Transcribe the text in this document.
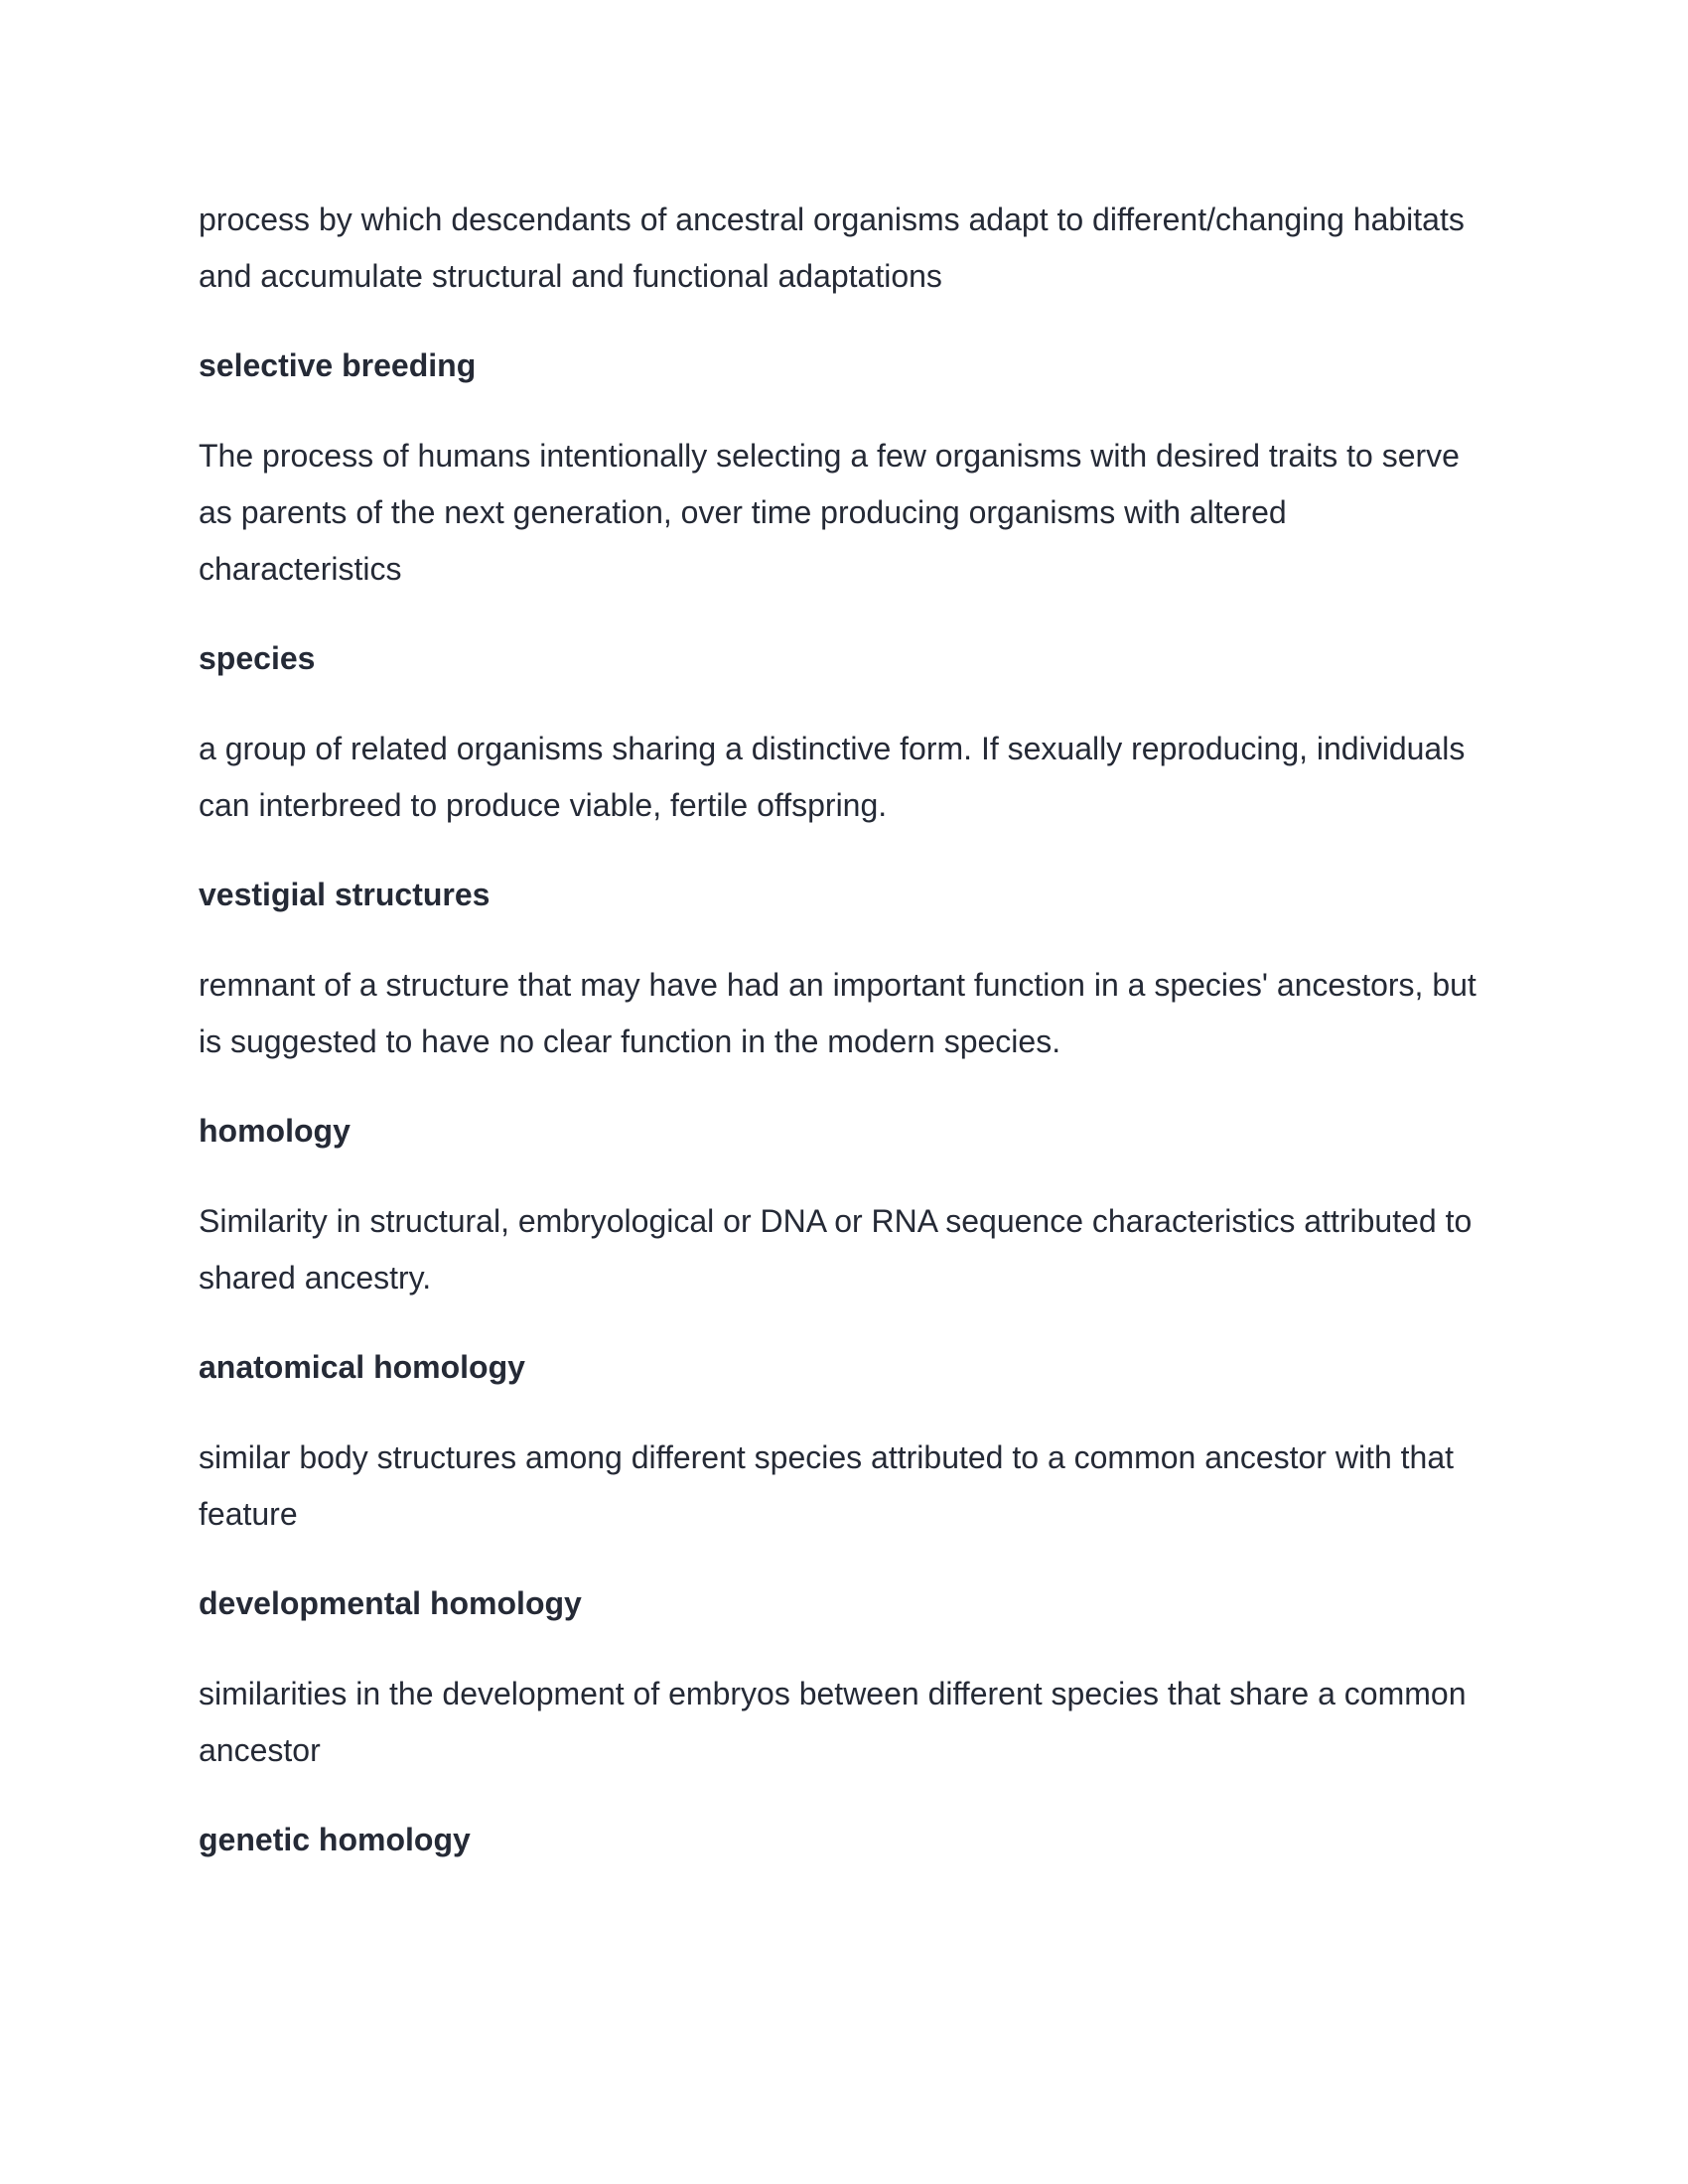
process by which descendants of ancestral organisms adapt to different/changing habitats and accumulate structural and functional adaptations

selective breeding

The process of humans intentionally selecting a few organisms with desired traits to serve as parents of the next generation, over time producing organisms with altered characteristics

species

a group of related organisms sharing a distinctive form. If sexually reproducing, individuals can interbreed to produce viable, fertile offspring.

vestigial structures

remnant of a structure that may have had an important function in a species' ancestors, but is suggested to have no clear function in the modern species.

homology

Similarity in structural, embryological or DNA or RNA sequence characteristics attributed to shared ancestry.

anatomical homology

similar body structures among different species attributed to a common ancestor with that feature

developmental homology

similarities in the development of embryos between different species that share a common ancestor

genetic homology
